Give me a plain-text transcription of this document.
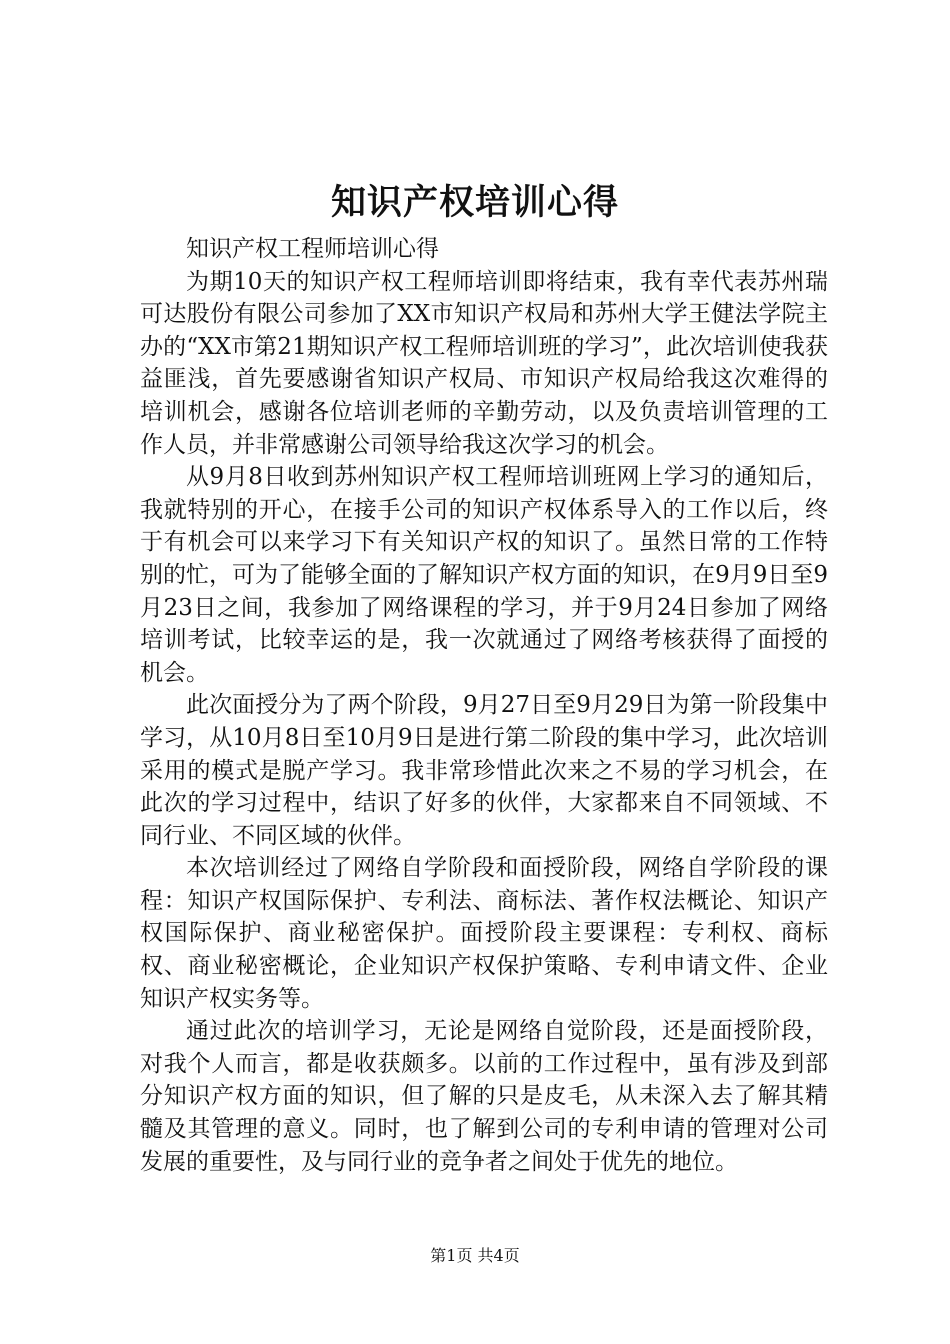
知识产权培训心得

知识产权工程师培训心得

为期10天的知识产权工程师培训即将结束，我有幸代表苏州瑞可达股份有限公司参加了XX市知识产权局和苏州大学王健法学院主办的“XX市第21期知识产权工程师培训班的学习”，此次培训使我获益匪浅，首先要感谢省知识产权局、市知识产权局给我这次难得的培训机会，感谢各位培训老师的辛勤劳动，以及负责培训管理的工作人员，并非常感谢公司领导给我这次学习的机会。

从9月8日收到苏州知识产权工程师培训班网上学习的通知后，我就特别的开心，在接手公司的知识产权体系导入的工作以后，终于有机会可以来学习下有关知识产权的知识了。虽然日常的工作特别的忙，可为了能够全面的了解知识产权方面的知识，在9月9日至9月23日之间，我参加了网络课程的学习，并于9月24日参加了网络培训考试，比较幸运的是，我一次就通过了网络考核获得了面授的机会。

此次面授分为了两个阶段，9月27日至9月29日为第一阶段集中学习，从10月8日至10月9日是进行第二阶段的集中学习，此次培训采用的模式是脱产学习。我非常珍惜此次来之不易的学习机会，在此次的学习过程中，结识了好多的伙伴，大家都来自不同领域、不同行业、不同区域的伙伴。

本次培训经过了网络自学阶段和面授阶段，网络自学阶段的课程：知识产权国际保护、专利法、商标法、著作权法概论、知识产权国际保护、商业秘密保护。面授阶段主要课程：专利权、商标权、商业秘密概论，企业知识产权保护策略、专利申请文件、企业知识产权实务等。

通过此次的培训学习，无论是网络自觉阶段，还是面授阶段，对我个人而言，都是收获颇多。以前的工作过程中，虽有涉及到部分知识产权方面的知识，但了解的只是皮毛，从未深入去了解其精髓及其管理的意义。同时，也了解到公司的专利申请的管理对公司发展的重要性，及与同行业的竞争者之间处于优先的地位。

第1页 共4页
